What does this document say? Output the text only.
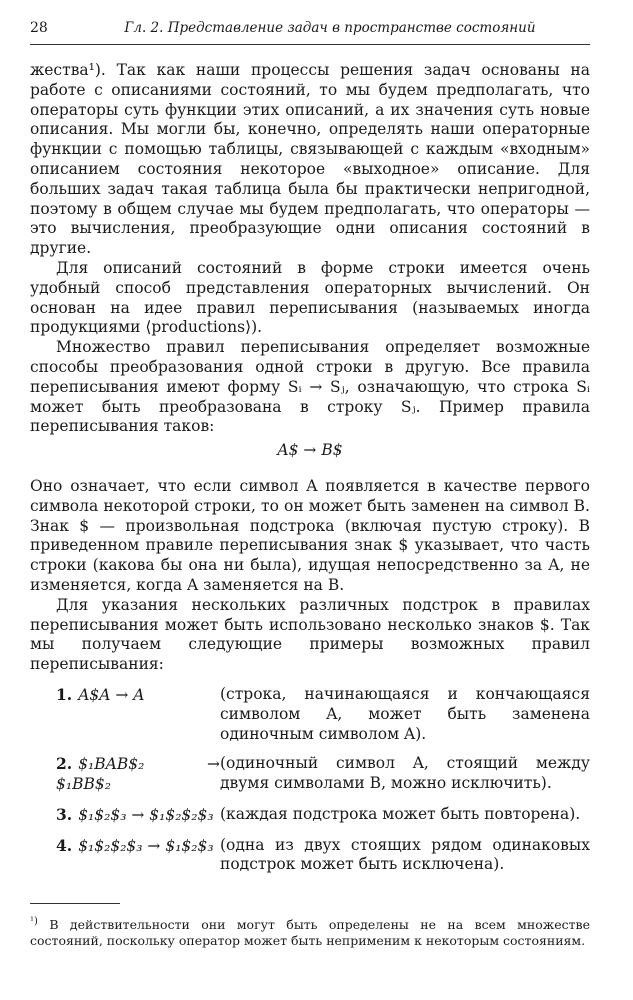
28	Гл. 2. Представление задач в пространстве состояний

жества¹). Так как наши процессы решения задач основаны на работе с описаниями состояний, то мы будем предполагать, что операторы суть функции этих описаний, а их значения суть новые описания. Мы могли бы, конечно, определять наши операторные функции с помощью таблицы, связывающей с каждым «входным» описанием состояния некоторое «выходное» описание. Для больших задач такая таблица была бы практически непригодной, поэтому в общем случае мы будем предполагать, что операторы — это вычисления, преобразующие одни описания состояний в другие.

Для описаний состояний в форме строки имеется очень удобный способ представления операторных вычислений. Он основан на идее правил переписывания (называемых иногда продукциями ⟨productions⟩).

Множество правил переписывания определяет возможные способы преобразования одной строки в другую. Все правила переписывания имеют форму Sᵢ → Sⱼ, означающую, что строка Sᵢ может быть преобразована в строку Sⱼ. Пример правила переписывания таков:

A$ → B$

Оно означает, что если символ A появляется в качестве первого символа некоторой строки, то он может быть заменен на символ B. Знак $ — произвольная подстрока (включая пустую строку). В приведенном правиле переписывания знак $ указывает, что часть строки (какова бы она ни была), идущая непосредственно за A, не изменяется, когда A заменяется на B.

Для указания нескольких различных подстрок в правилах переписывания может быть использовано несколько знаков $. Так мы получаем следующие примеры возможных правил переписывания:

1. A$A → A	(строка, начинающаяся и кончающаяся символом A, может быть заменена одиночным символом A).
2. $₁BAB$₂ → $₁BB$₂
(одиночный символ A, стоящий между двумя символами B, можно исключить).
3. $₁$₂$₃ → $₁$₂$₂$₃ (каждая подстрока может быть повторена).
4. $₁$₂$₂$₃ → $₁$₂$₃ (одна из двух стоящих рядом одинаковых подстрок может быть исключена).
$^{^1)}$ В действительности они могут быть определены не на всем множестве состояний, поскольку оператор может быть неприменим к некоторым состояниям.
